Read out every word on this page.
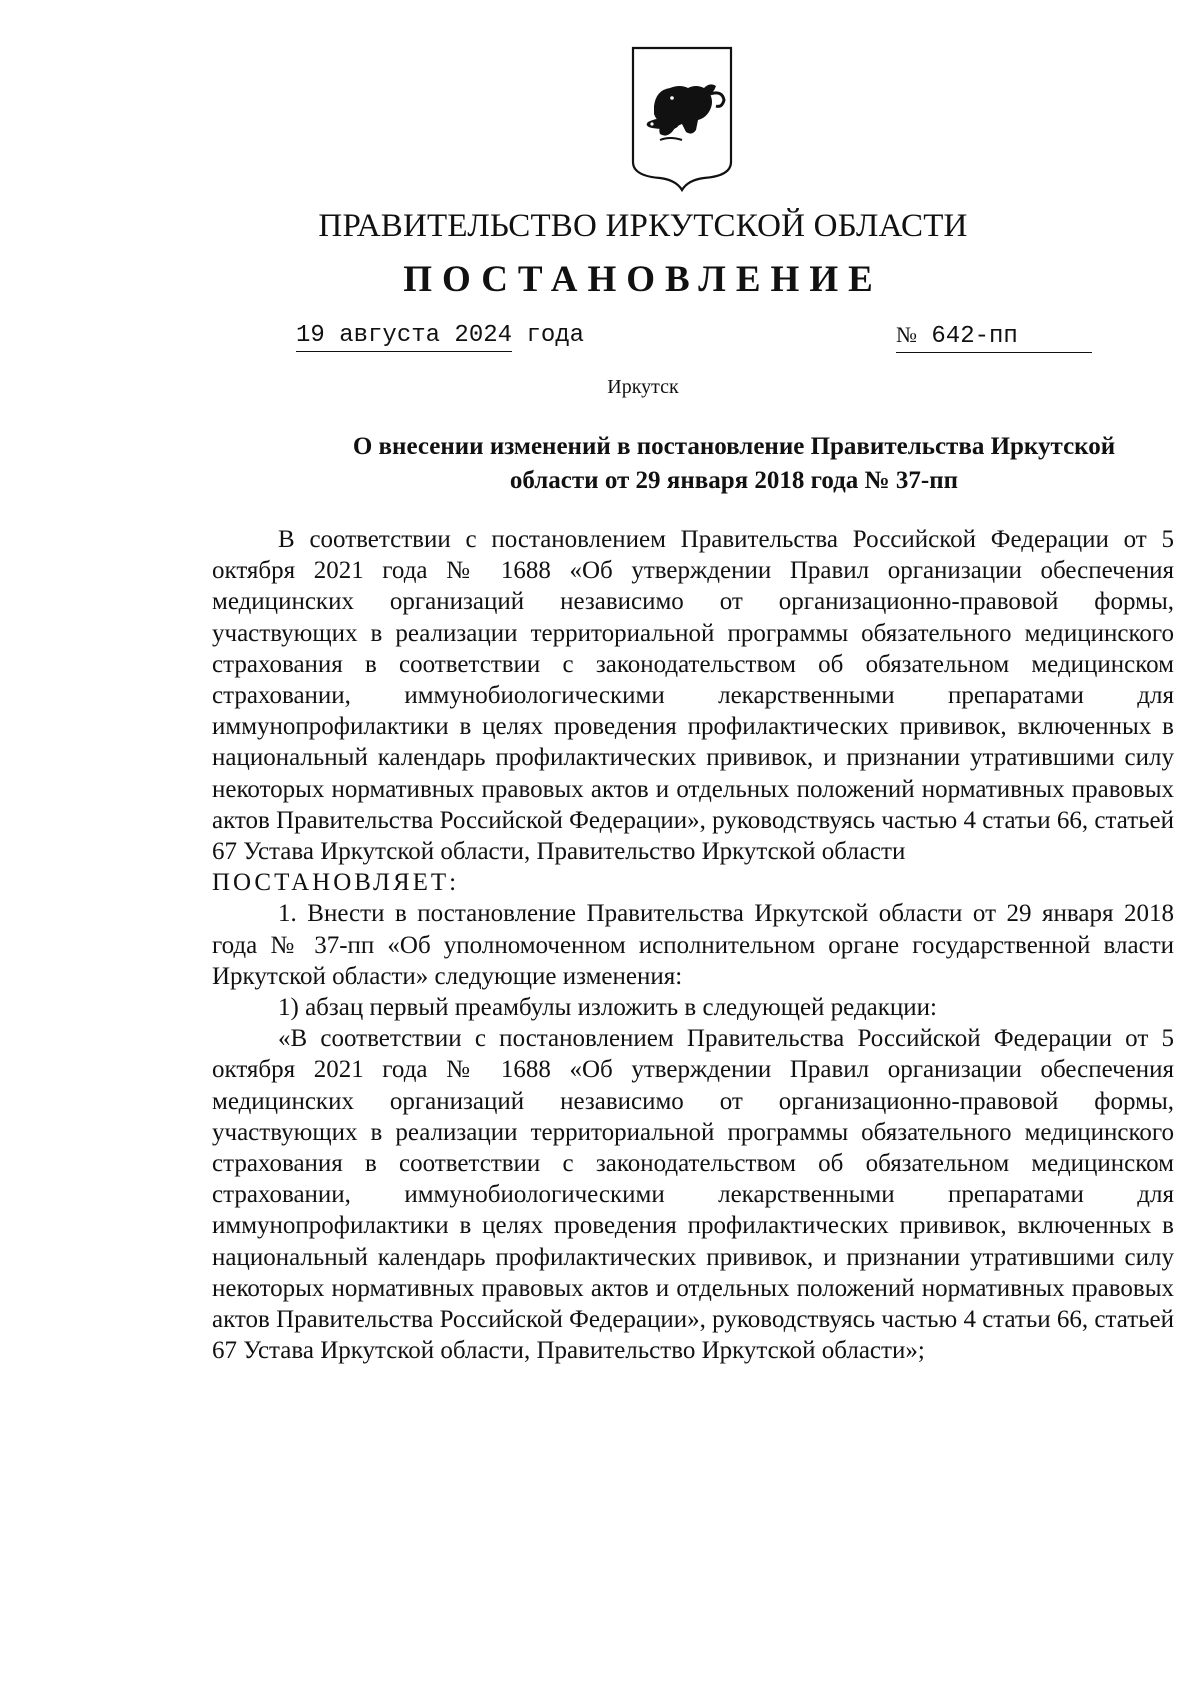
ПРАВИТЕЛЬСТВО ИРКУТСКОЙ ОБЛАСТИ
ПОСТАНОВЛЕНИЕ
19 августа 2024 года	№ 642-пп
Иркутск
О внесении изменений в постановление Правительства Иркутской
области от 29 января 2018 года № 37-пп

В соответствии с постановлением Правительства Российской Федерации от 5 октября 2021 года № 1688 «Об утверждении Правил организации обеспечения медицинских организаций независимо от организационно-правовой формы, участвующих в реализации территориальной программы обязательного медицинского страхования в соответствии с законодательством об обязательном медицинском страховании, иммунобиологическими лекарственными препаратами для иммунопрофилактики в целях проведения профилактических прививок, включенных в национальный календарь профилактических прививок, и признании утратившими силу некоторых нормативных правовых актов и отдельных положений нормативных правовых актов Правительства Российской Федерации», руководствуясь частью 4 статьи 66, статьей 67 Устава Иркутской области, Правительство Иркутской области

ПОСТАНОВЛЯЕТ:

1. Внести в постановление Правительства Иркутской области от 29 января 2018 года № 37-пп «Об уполномоченном исполнительном органе государственной власти Иркутской области» следующие изменения:

1) абзац первый преамбулы изложить в следующей редакции:

«В соответствии с постановлением Правительства Российской Федерации от 5 октября 2021 года № 1688 «Об утверждении Правил организации обеспечения медицинских организаций независимо от организационно-правовой формы, участвующих в реализации территориальной программы обязательного медицинского страхования в соответствии с законодательством об обязательном медицинском страховании, иммунобиологическими лекарственными препаратами для иммунопрофилактики в целях проведения профилактических прививок, включенных в национальный календарь профилактических прививок, и признании утратившими силу некоторых нормативных правовых актов и отдельных положений нормативных правовых актов Правительства Российской Федерации», руководствуясь частью 4 статьи 66, статьей 67 Устава Иркутской области, Правительство Иркутской области»;
